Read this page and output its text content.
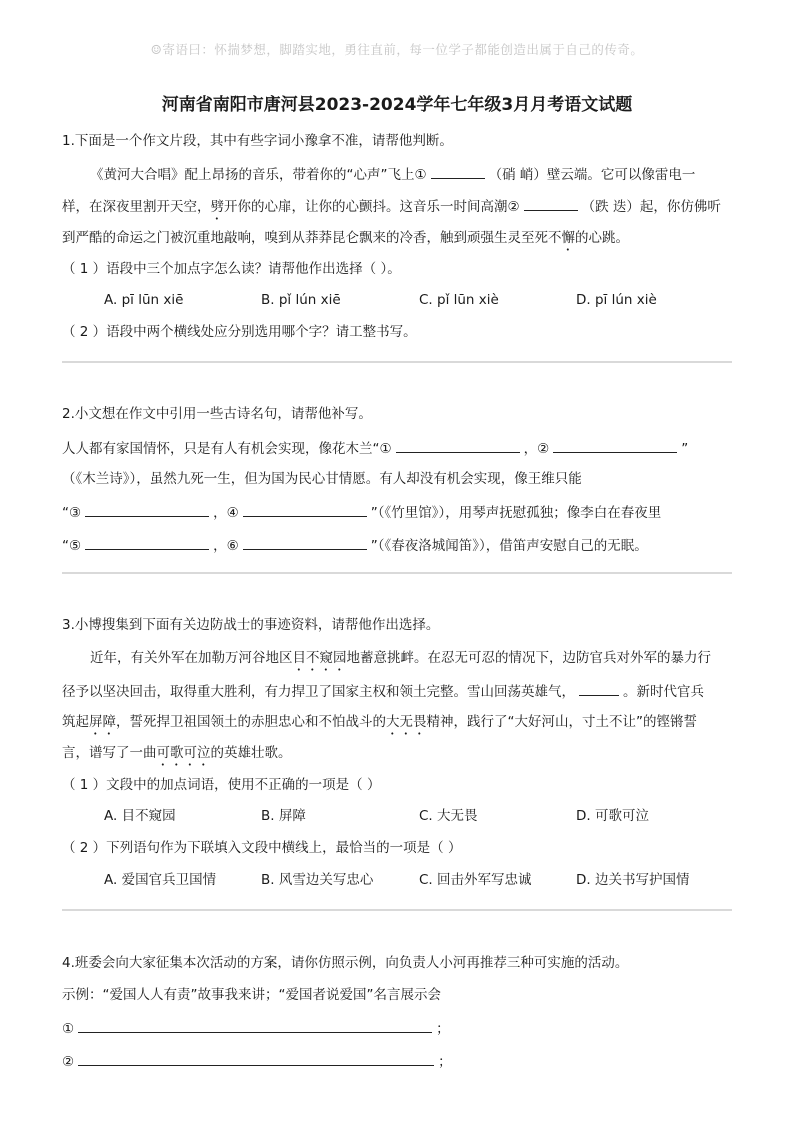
☺寄语曰：怀揣梦想，脚踏实地，勇往直前，每一位学子都能创造出属于自己的传奇。
河南省南阳市唐河县2023-2024学年七年级3月月考语文试题
1.下面是一个作文片段，其中有些字词小豫拿不准，请帮他判断。
《黄河大合唱》配上昂扬的音乐，带着你的“心声”飞上①	（硝 峭）壁云端。它可以像雷电一
样，在深夜里割开天空，劈开你的心扉，让你的心颤抖。这音乐一时间高潮②	（跌 迭）起，你仿佛听
到严酷的命运之门被沉重地敲响，嗅到从莽莽昆仑飘来的冷香，触到顽强生灵至死不懈的心跳。
（ 1 ）语段中三个加点字怎么读？请帮他作出选择（ ）。
A. pī lūn xiē	B. pǐ lún xiē	C. pǐ lūn xiè	D. pī lún xiè
（ 2 ）语段中两个横线处应分别选用哪个字？请工整书写。
2.小文想在作文中引用一些古诗名句，请帮他补写。
人人都有家国情怀，只是有人有机会实现，像花木兰“①	，②	”
（《木兰诗》），虽然九死一生，但为国为民心甘情愿。有人却没有机会实现，像王维只能
“③	，④	”（《竹里馆》），用琴声抚慰孤独；像李白在春夜里
“⑤	，⑥	”（《春夜洛城闻笛》），借笛声安慰自己的无眠。
3.小博搜集到下面有关边防战士的事迹资料，请帮他作出选择。
近年，有关外军在加勒万河谷地区目不窥园地蓄意挑衅。在忍无可忍的情况下，边防官兵对外军的暴力行
径予以坚决回击，取得重大胜利，有力捍卫了国家主权和领土完整。雪山回荡英雄气，	。新时代官兵
筑起屏障，誓死捍卫祖国领土的赤胆忠心和不怕战斗的大无畏精神，践行了“大好河山，寸土不让”的铿锵誓
言，谱写了一曲可歌可泣的英雄壮歌。
（ 1 ）文段中的加点词语，使用不正确的一项是（ ）
A. 目不窥园	B. 屏障	C. 大无畏	D. 可歌可泣
（ 2 ）下列语句作为下联填入文段中横线上，最恰当的一项是（ ）
A. 爱国官兵卫国情	B. 风雪边关写忠心	C. 回击外军写忠诚	D. 边关书写护国情
4.班委会向大家征集本次活动的方案，请你仿照示例，向负责人小河再推荐三种可实施的活动。
示例：“爱国人人有责”故事我来讲；“爱国者说爱国”名言展示会
①	；
②	；
